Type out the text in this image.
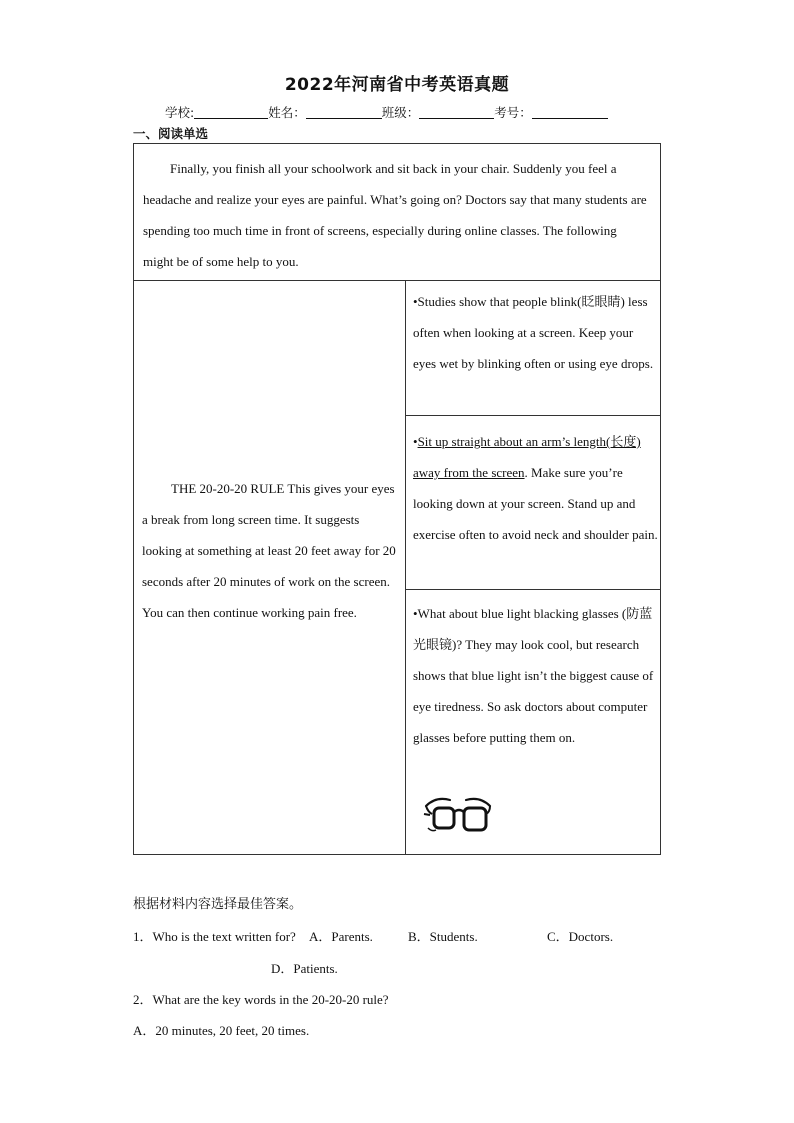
2022年河南省中考英语真题
学校:	姓名：	班级：	考号：
一、阅读单选
Finally, you finish all your schoolwork and sit back in your chair. Suddenly you feel a headache and realize your eyes are painful. What’s going on? Doctors say that many students are spending too much time in front of screens, especially during online classes. The following might be of some help to you.
THE 20-20-20 RULE This gives your eyes a break from long screen time. It suggests looking at something at least 20 feet away for 20 seconds after 20 minutes of work on the screen. You can then continue working pain free.
•Studies show that people blink(眨眼睛) less often when looking at a screen. Keep your eyes wet by blinking often or using eye drops.
•Sit up straight about an arm’s length(长度) away from the screen. Make sure you’re looking down at your screen. Stand up and exercise often to avoid neck and shoulder pain.
•What about blue light blacking glasses (防蓝光眼镜)? They may look cool, but research shows that blue light isn’t the biggest cause of eye tiredness. So ask doctors about computer glasses before putting them on.
根据材料内容选择最佳答案。
1．Who is the text written for? A．Parents.	B．Students.	C．Doctors.
D．Patients.
2．What are the key words in the 20-20-20 rule?
A．20 minutes, 20 feet, 20 times.
